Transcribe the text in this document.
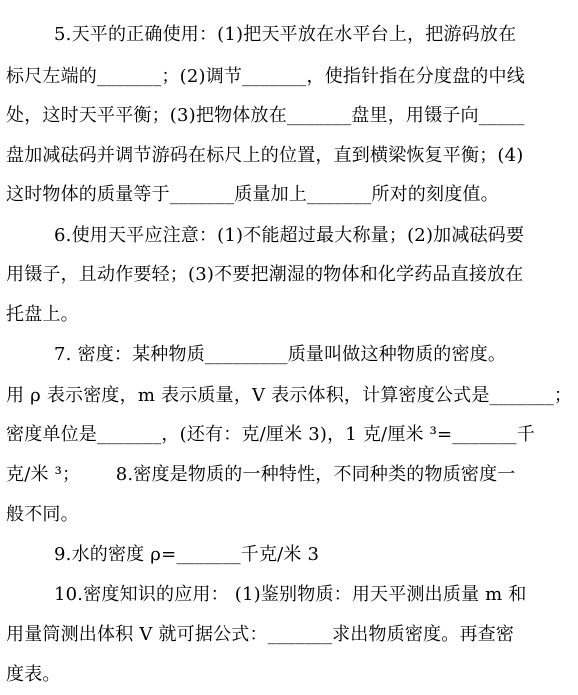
5.天平的正确使用：(1)把天平放在水平台上，把游码放在
标尺左端的_______；(2)调节_______，使指针指在分度盘的中线
处，这时天平平衡；(3)把物体放在_______盘里，用镊子向_____
盘加减砝码并调节游码在标尺上的位置，直到横梁恢复平衡；(4)
这时物体的质量等于_______质量加上_______所对的刻度值。
6.使用天平应注意：(1)不能超过最大称量；(2)加减砝码要
用镊子，且动作要轻；(3)不要把潮湿的物体和化学药品直接放在
托盘上。
7. 密度：某种物质_________质量叫做这种物质的密度。
用 ρ 表示密度，m 表示质量，V 表示体积，计算密度公式是_______；
密度单位是_______，(还有：克/厘米 3)，1 克/厘米 ³=_______千
克/米 ³；      8.密度是物质的一种特性，不同种类的物质密度一
般不同。
9.水的密度 ρ=_______千克/米 3
10.密度知识的应用： (1)鉴别物质：用天平测出质量 m 和
用量筒测出体积 V 就可据公式：_______求出物质密度。再查密
度表。
